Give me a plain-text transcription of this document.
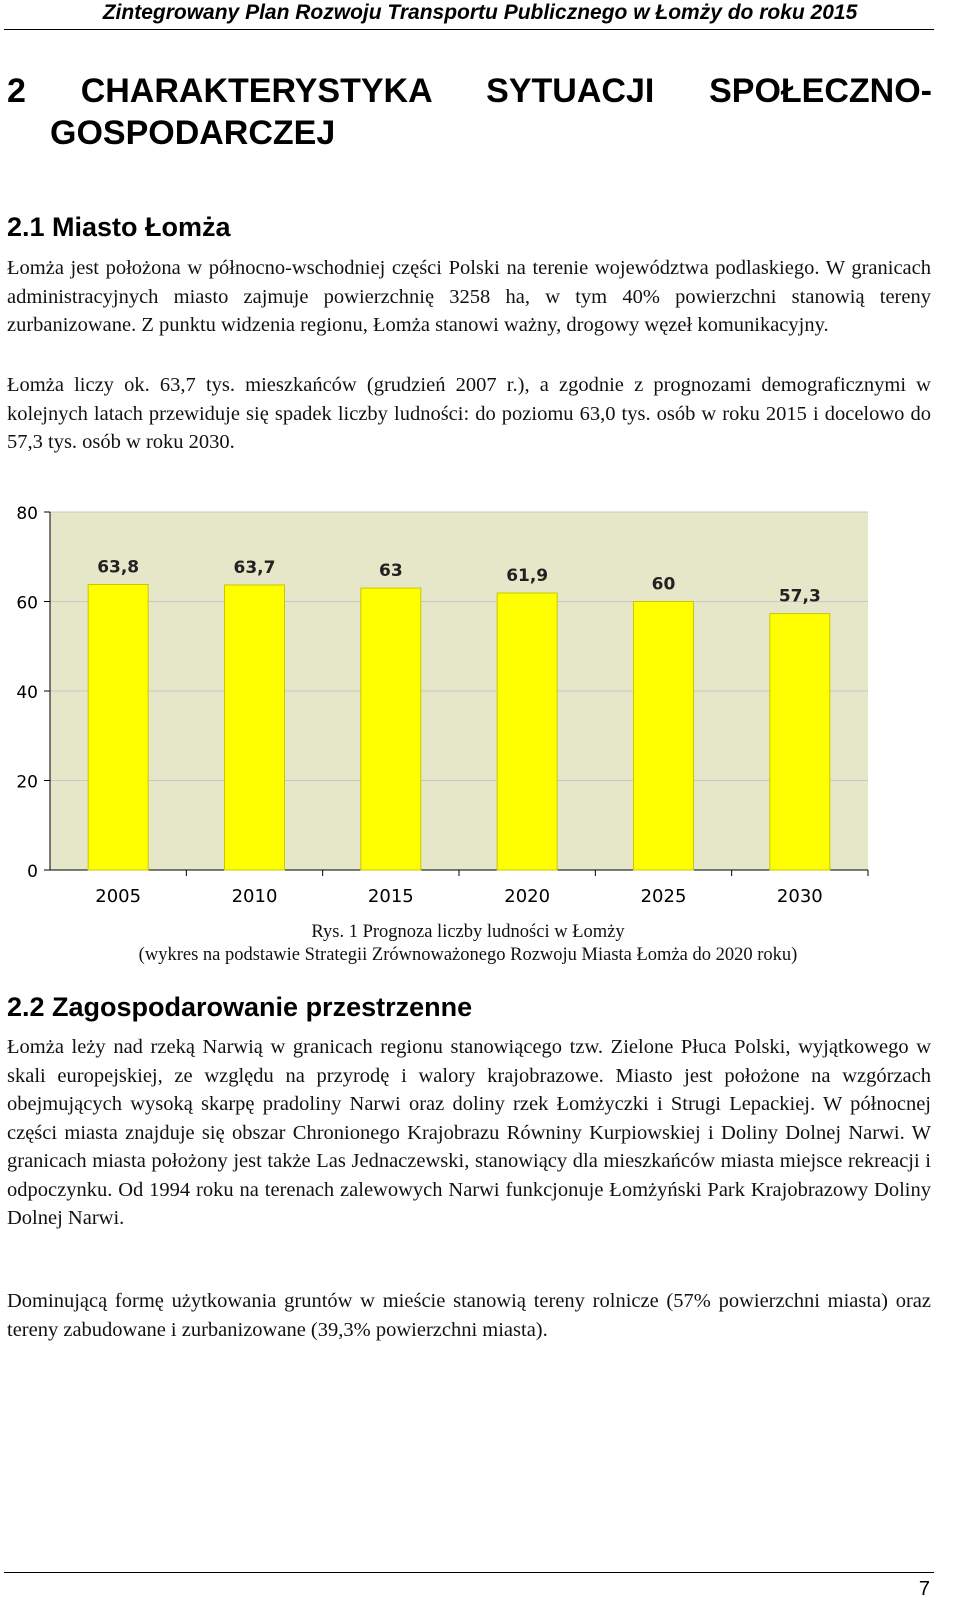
Zintegrowany Plan Rozwoju Transportu Publicznego w Łomży do roku 2015
2 CHARAKTERYSTYKA SYTUACJI SPOŁECZNO-
GOSPODARCZEJ
2.1 Miasto Łomża
Łomża jest położona w północno-wschodniej części Polski na terenie województwa podlaskiego. W granicach administracyjnych miasto zajmuje powierzchnię 3258 ha, w tym 40% powierzchni stanowią tereny zurbanizowane. Z punktu widzenia regionu, Łomża stanowi ważny, drogowy węzeł komunikacyjny.
Łomża liczy ok. 63,7 tys. mieszkańców (grudzień 2007 r.), a zgodnie z prognozami demograficznymi w kolejnych latach przewiduje się spadek liczby ludności: do poziomu 63,0 tys. osób w roku 2015 i docelowo do 57,3 tys. osób w roku 2030.
0
20
40
60
80
63,8
2005
63,7
2010
63
2015
61,9
2020
60
2025
57,3
2030
Rys. 1 Prognoza liczby ludności w Łomży
(wykres na podstawie Strategii Zrównoważonego Rozwoju Miasta Łomża do 2020 roku)
2.2 Zagospodarowanie przestrzenne
Łomża leży nad rzeką Narwią w granicach regionu stanowiącego tzw. Zielone Płuca Polski, wyjątkowego w skali europejskiej, ze względu na przyrodę i walory krajobrazowe. Miasto jest położone na wzgórzach obejmujących wysoką skarpę pradoliny Narwi oraz doliny rzek Łomżyczki i Strugi Lepackiej. W północnej części miasta znajduje się obszar Chronionego Krajobrazu Równiny Kurpiowskiej i Doliny Dolnej Narwi. W granicach miasta położony jest także Las Jednaczewski, stanowiący dla mieszkańców miasta miejsce rekreacji i odpoczynku. Od 1994 roku na terenach zalewowych Narwi funkcjonuje Łomżyński Park Krajobrazowy Doliny Dolnej Narwi.
Dominującą formę użytkowania gruntów w mieście stanowią tereny rolnicze (57% powierzchni miasta) oraz tereny zabudowane i zurbanizowane (39,3% powierzchni miasta).
7
